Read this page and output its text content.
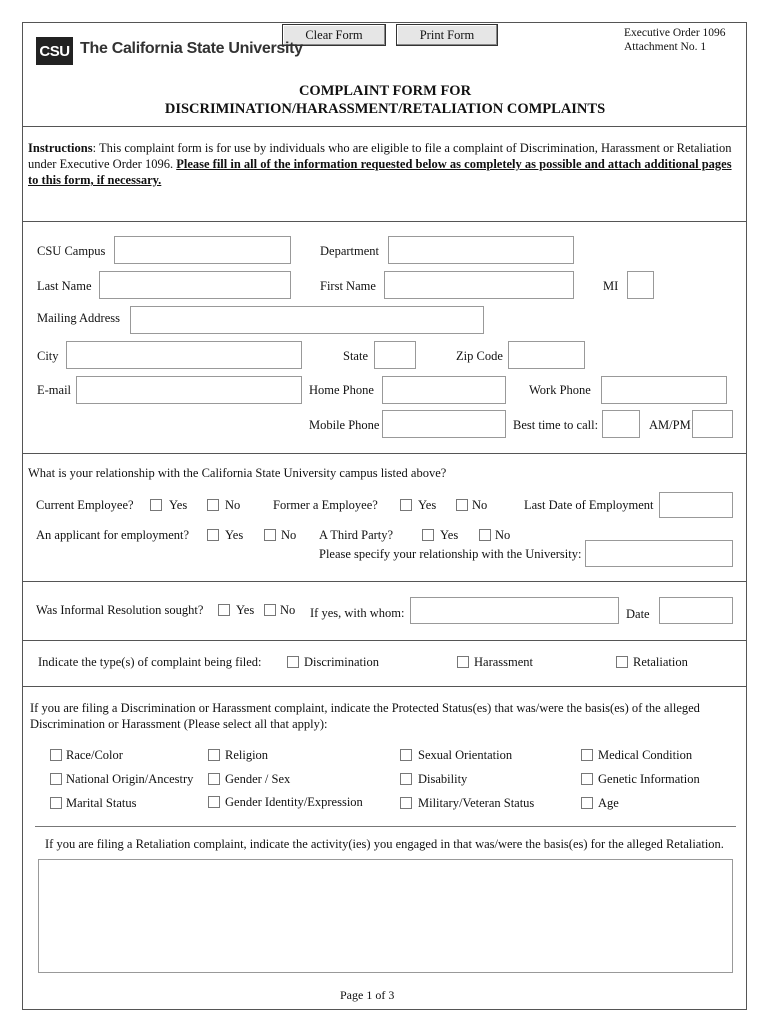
Clear Form	Print Form	Executive Order 1096
Attachment No. 1
CSU The California State University
COMPLAINT FORM FOR
DISCRIMINATION/HARASSMENT/RETALIATION COMPLAINTS
Instructions: This complaint form is for use by individuals who are eligible to file a complaint of Discrimination, Harassment or Retaliation under Executive Order 1096. Please fill in all of the information requested below as completely as possible and attach additional pages to this form, if necessary.
CSU Campus	Department
Last Name	First Name	MI
Mailing Address
City	State	Zip Code
E-mail	Home Phone	Work Phone
Mobile Phone	Best time to call:	AM/PM
What is your relationship with the California State University campus listed above?
Current Employee?	Yes	No	Former a Employee?	Yes	No	Last Date of Employment
An applicant for employment?	Yes	No A Third Party?	Yes	No
Please specify your relationship with the University:
Was Informal Resolution sought?	Yes No If yes, with whom:	Date
Indicate the type(s) of complaint being filed:	Discrimination	Harassment	Retaliation
If you are filing a Discrimination or Harassment complaint, indicate the Protected Status(es) that was/were the basis(es) of the alleged Discrimination or Harassment (Please select all that apply):
Race/Color	Religion	Sexual Orientation	Medical Condition
National Origin/Ancestry	Gender / Sex	Disability	Genetic Information
Marital Status	Gender Identity/Expression	Military/Veteran Status	Age
If you are filing a Retaliation complaint, indicate the activity(ies) you engaged in that was/were the basis(es) for the alleged Retaliation.
Page 1 of 3
